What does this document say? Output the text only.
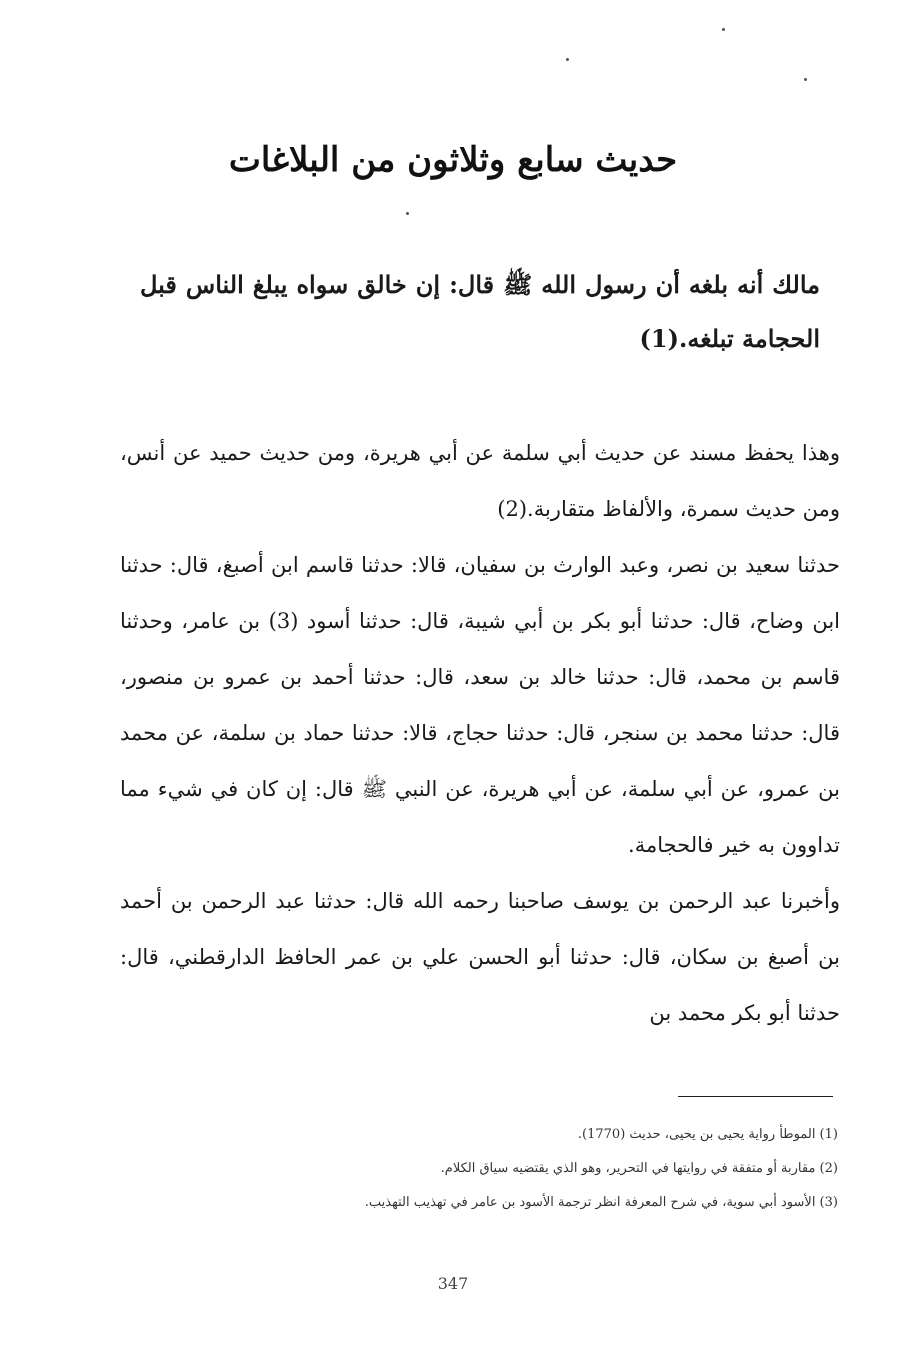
حديث سابع وثلاثون من البلاغات

مالك أنه بلغه أن رسول الله ﷺ قال: إن خالق سواه يبلغ الناس قبل الحجامة تبلغه.(1)

وهذا يحفظ مسند عن حديث أبي سلمة عن أبي هريرة، ومن حديث حميد عن أنس، ومن حديث سمرة، والألفاظ متقاربة.(2)

حدثنا سعيد بن نصر، وعبد الوارث بن سفيان، قالا: حدثنا قاسم ابن أصبغ، قال: حدثنا ابن وضاح، قال: حدثنا أبو بكر بن أبي شيبة، قال: حدثنا أسود (3) بن عامر، وحدثنا قاسم بن محمد، قال: حدثنا خالد بن سعد، قال: حدثنا أحمد بن عمرو بن منصور، قال: حدثنا محمد بن سنجر، قال: حدثنا حجاج، قالا: حدثنا حماد بن سلمة، عن محمد بن عمرو، عن أبي سلمة، عن أبي هريرة، عن النبي ﷺ قال: إن كان في شيء مما تداوون به خير فالحجامة.

وأخبرنا عبد الرحمن بن يوسف صاحبنا رحمه الله قال: حدثنا عبد الرحمن بن أحمد بن أصبغ بن سكان، قال: حدثنا أبو الحسن علي بن عمر الحافظ الدارقطني، قال: حدثنا أبو بكر محمد بن

(1) الموطأ رواية يحيى بن يحيى، حديث (1770).

(2) مقاربة أو متفقة في روايتها في التحرير، وهو الذي يقتضيه سياق الكلام.

(3) الأسود أبي سوية، في شرح المعرفة انظر ترجمة الأسود بن عامر في تهذيب التهذيب.

347
